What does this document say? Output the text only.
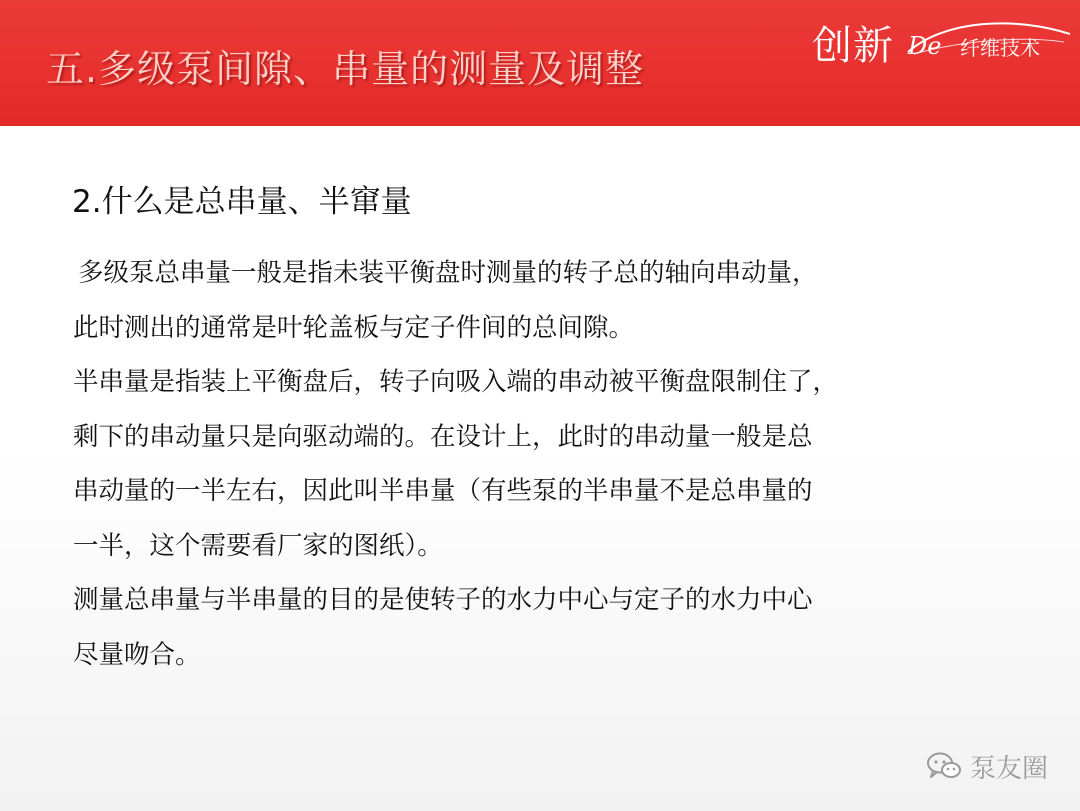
五.多级泵间隙、串量的测量及调整	创新 De 纤维技术
2.什么是总串量、半窜量
多级泵总串量一般是指未装平衡盘时测量的转子总的轴向串动量，
此时测出的通常是叶轮盖板与定子件间的总间隙。
半串量是指装上平衡盘后，转子向吸入端的串动被平衡盘限制住了，
剩下的串动量只是向驱动端的。在设计上，此时的串动量一般是总
串动量的一半左右，因此叫半串量（有些泵的半串量不是总串量的
一半，这个需要看厂家的图纸）。
测量总串量与半串量的目的是使转子的水力中心与定子的水力中心
尽量吻合。
泵友圈
